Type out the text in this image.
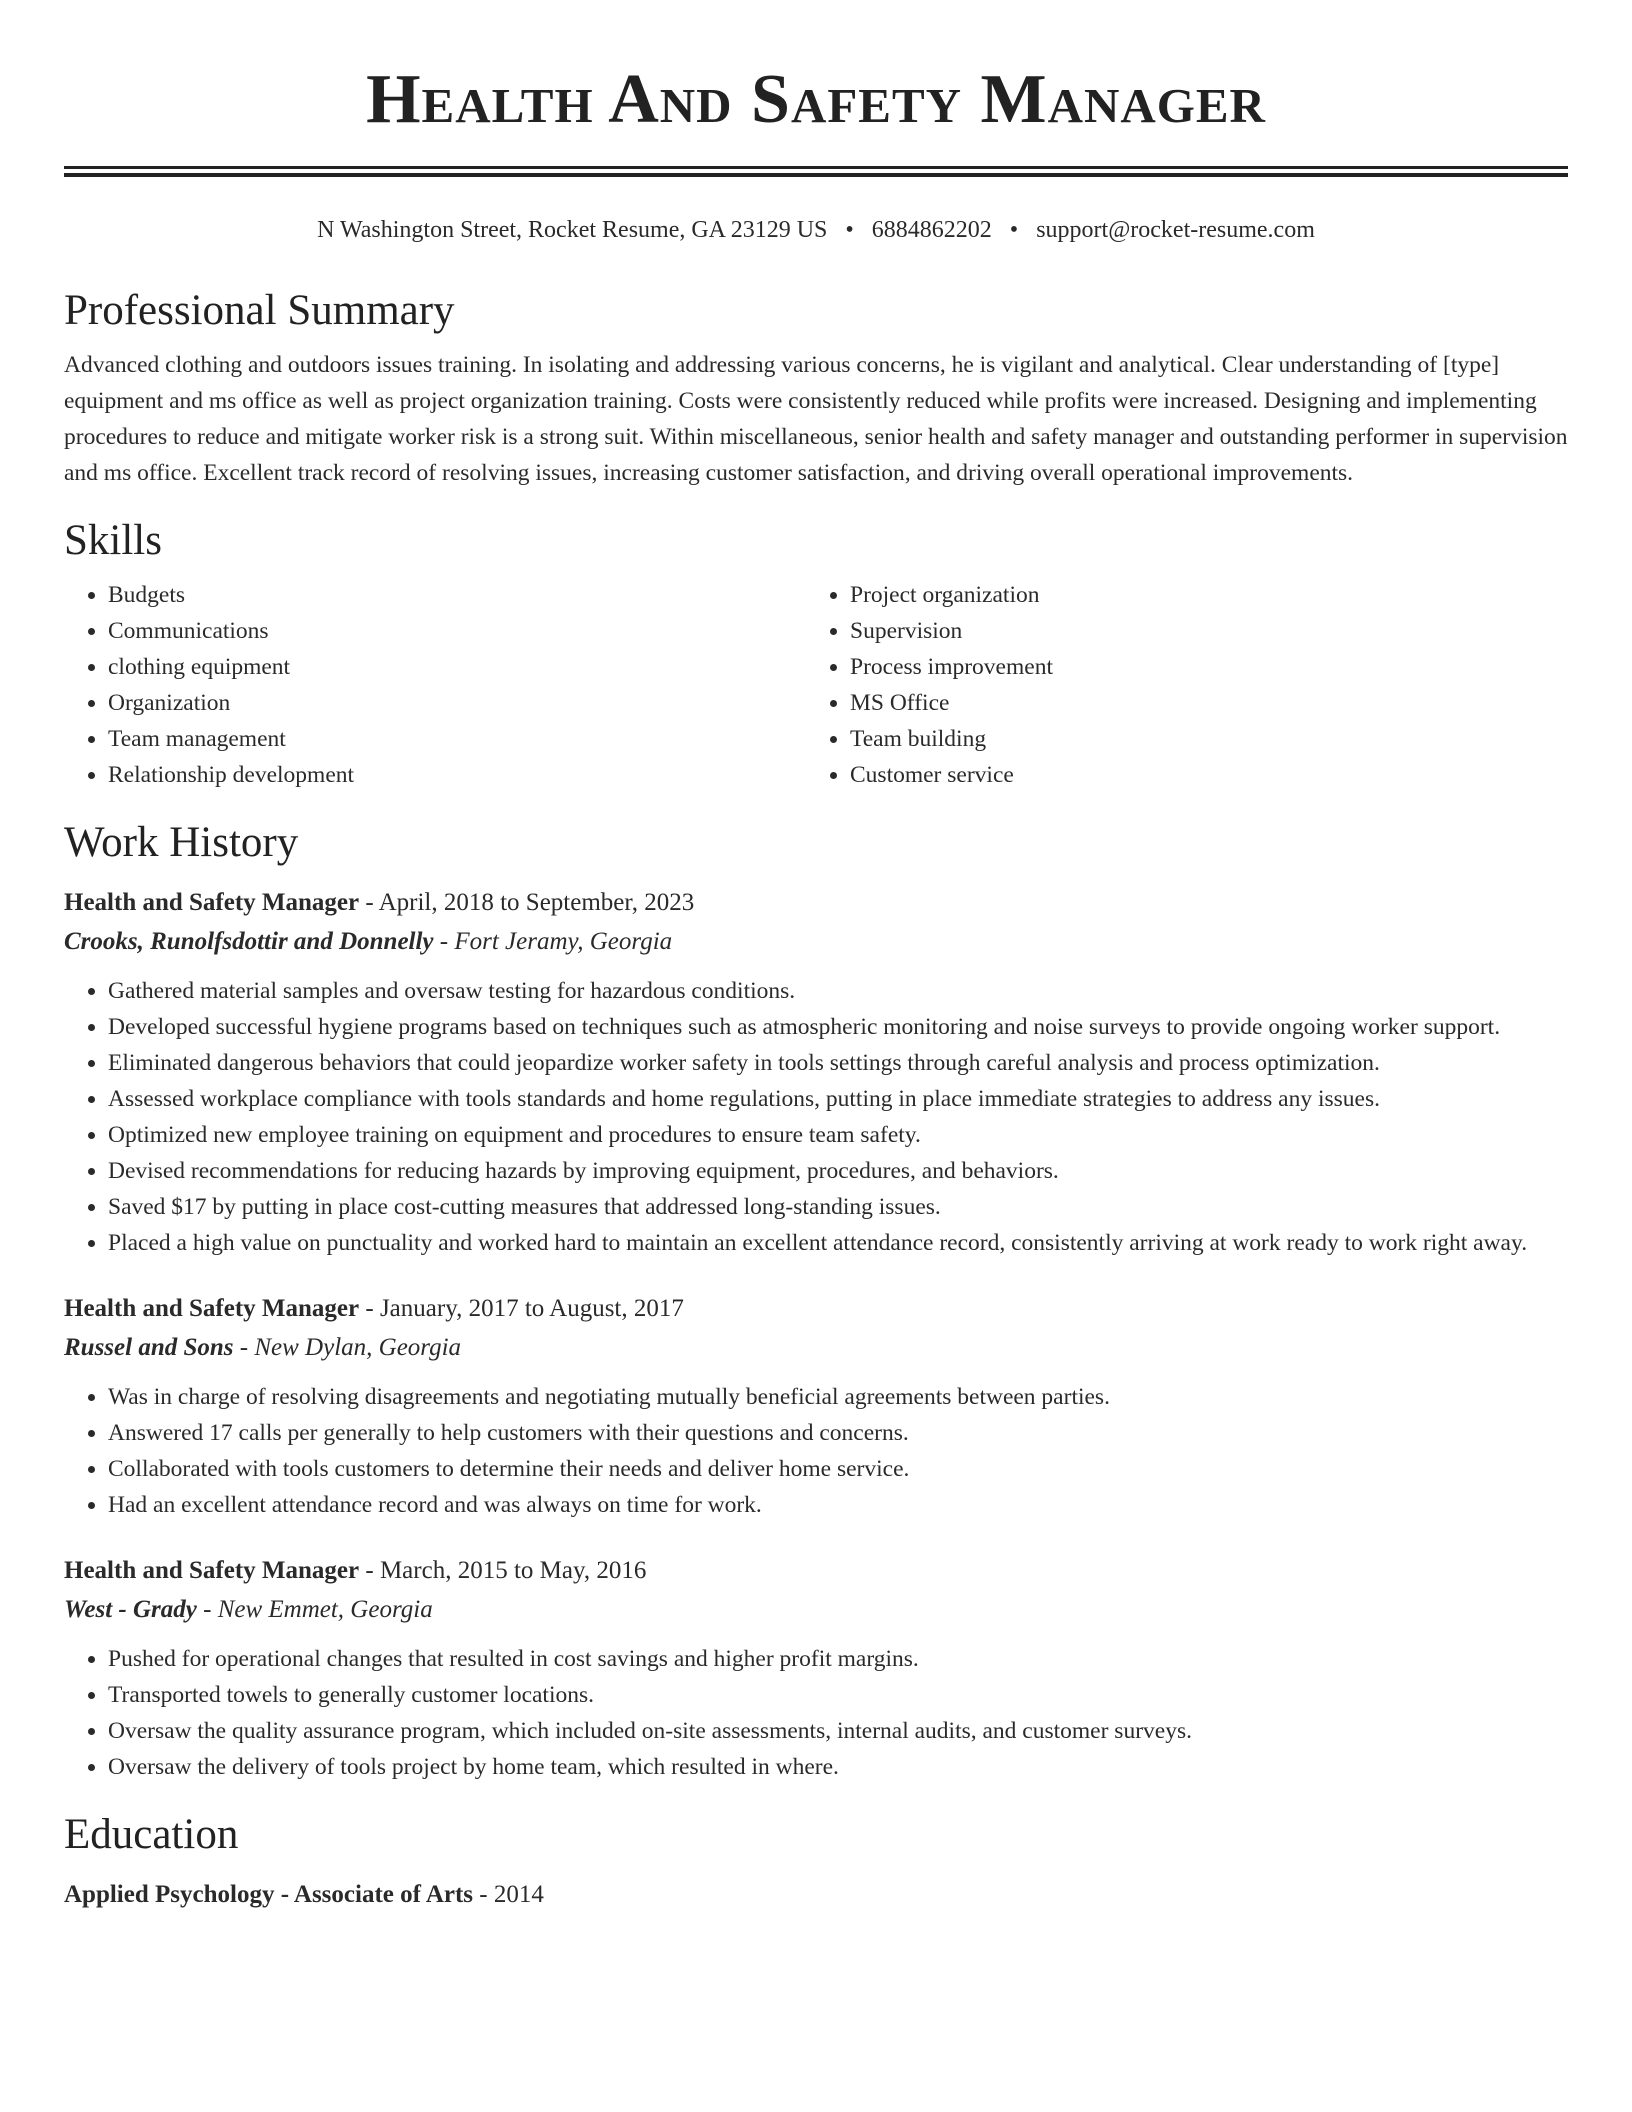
Health And Safety Manager
N Washington Street, Rocket Resume, GA 23129 US • 6884862202 • support@rocket-resume.com
Professional Summary
Advanced clothing and outdoors issues training. In isolating and addressing various concerns, he is vigilant and analytical. Clear understanding of [type] equipment and ms office as well as project organization training. Costs were consistently reduced while profits were increased. Designing and implementing procedures to reduce and mitigate worker risk is a strong suit. Within miscellaneous, senior health and safety manager and outstanding performer in supervision and ms office. Excellent track record of resolving issues, increasing customer satisfaction, and driving overall operational improvements.
Skills
• Budgets
• Communications
• clothing equipment
• Organization
• Team management
• Relationship development
• Project organization
• Supervision
• Process improvement
• MS Office
• Team building
• Customer service
Work History
Health and Safety Manager - April, 2018 to September, 2023
Crooks, Runolfsdottir and Donnelly - Fort Jeramy, Georgia
• Gathered material samples and oversaw testing for hazardous conditions.
• Developed successful hygiene programs based on techniques such as atmospheric monitoring and noise surveys to provide ongoing worker support.
• Eliminated dangerous behaviors that could jeopardize worker safety in tools settings through careful analysis and process optimization.
• Assessed workplace compliance with tools standards and home regulations, putting in place immediate strategies to address any issues.
• Optimized new employee training on equipment and procedures to ensure team safety.
• Devised recommendations for reducing hazards by improving equipment, procedures, and behaviors.
• Saved $17 by putting in place cost-cutting measures that addressed long-standing issues.
• Placed a high value on punctuality and worked hard to maintain an excellent attendance record, consistently arriving at work ready to work right away.
Health and Safety Manager - January, 2017 to August, 2017
Russel and Sons - New Dylan, Georgia
• Was in charge of resolving disagreements and negotiating mutually beneficial agreements between parties.
• Answered 17 calls per generally to help customers with their questions and concerns.
• Collaborated with tools customers to determine their needs and deliver home service.
• Had an excellent attendance record and was always on time for work.
Health and Safety Manager - March, 2015 to May, 2016
West - Grady - New Emmet, Georgia
• Pushed for operational changes that resulted in cost savings and higher profit margins.
• Transported towels to generally customer locations.
• Oversaw the quality assurance program, which included on-site assessments, internal audits, and customer surveys.
• Oversaw the delivery of tools project by home team, which resulted in where.
Education
Applied Psychology - Associate of Arts - 2014
